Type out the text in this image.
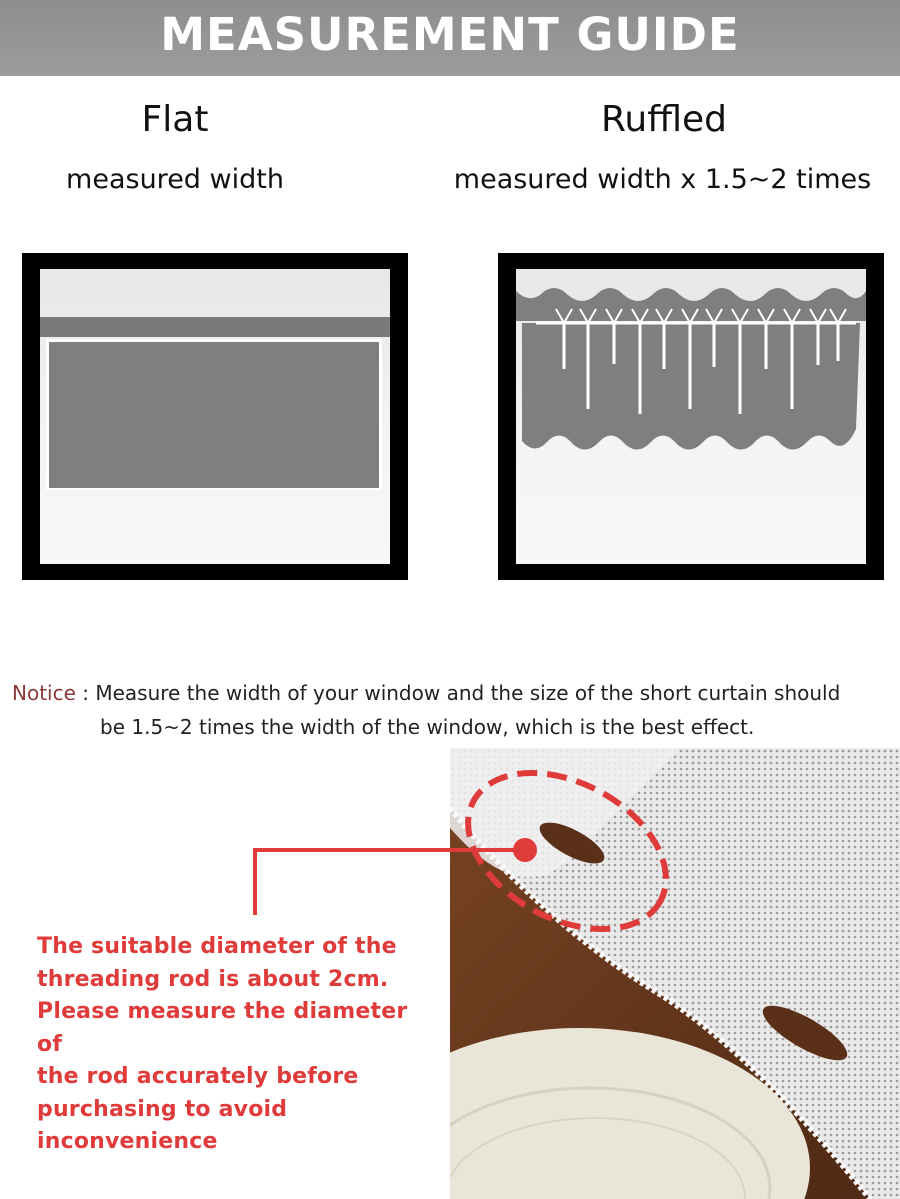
MEASUREMENT GUIDE
Flat
measured width
Ruffled
measured width x 1.5~2 times
Notice : Measure the width of your window and the size of the short curtain should
be 1.5~2 times the width of the window, which is the best effect.
The suitable diameter of the
threading rod is about 2cm.
Please measure the diameter of
the rod accurately before
purchasing to avoid
inconvenience
